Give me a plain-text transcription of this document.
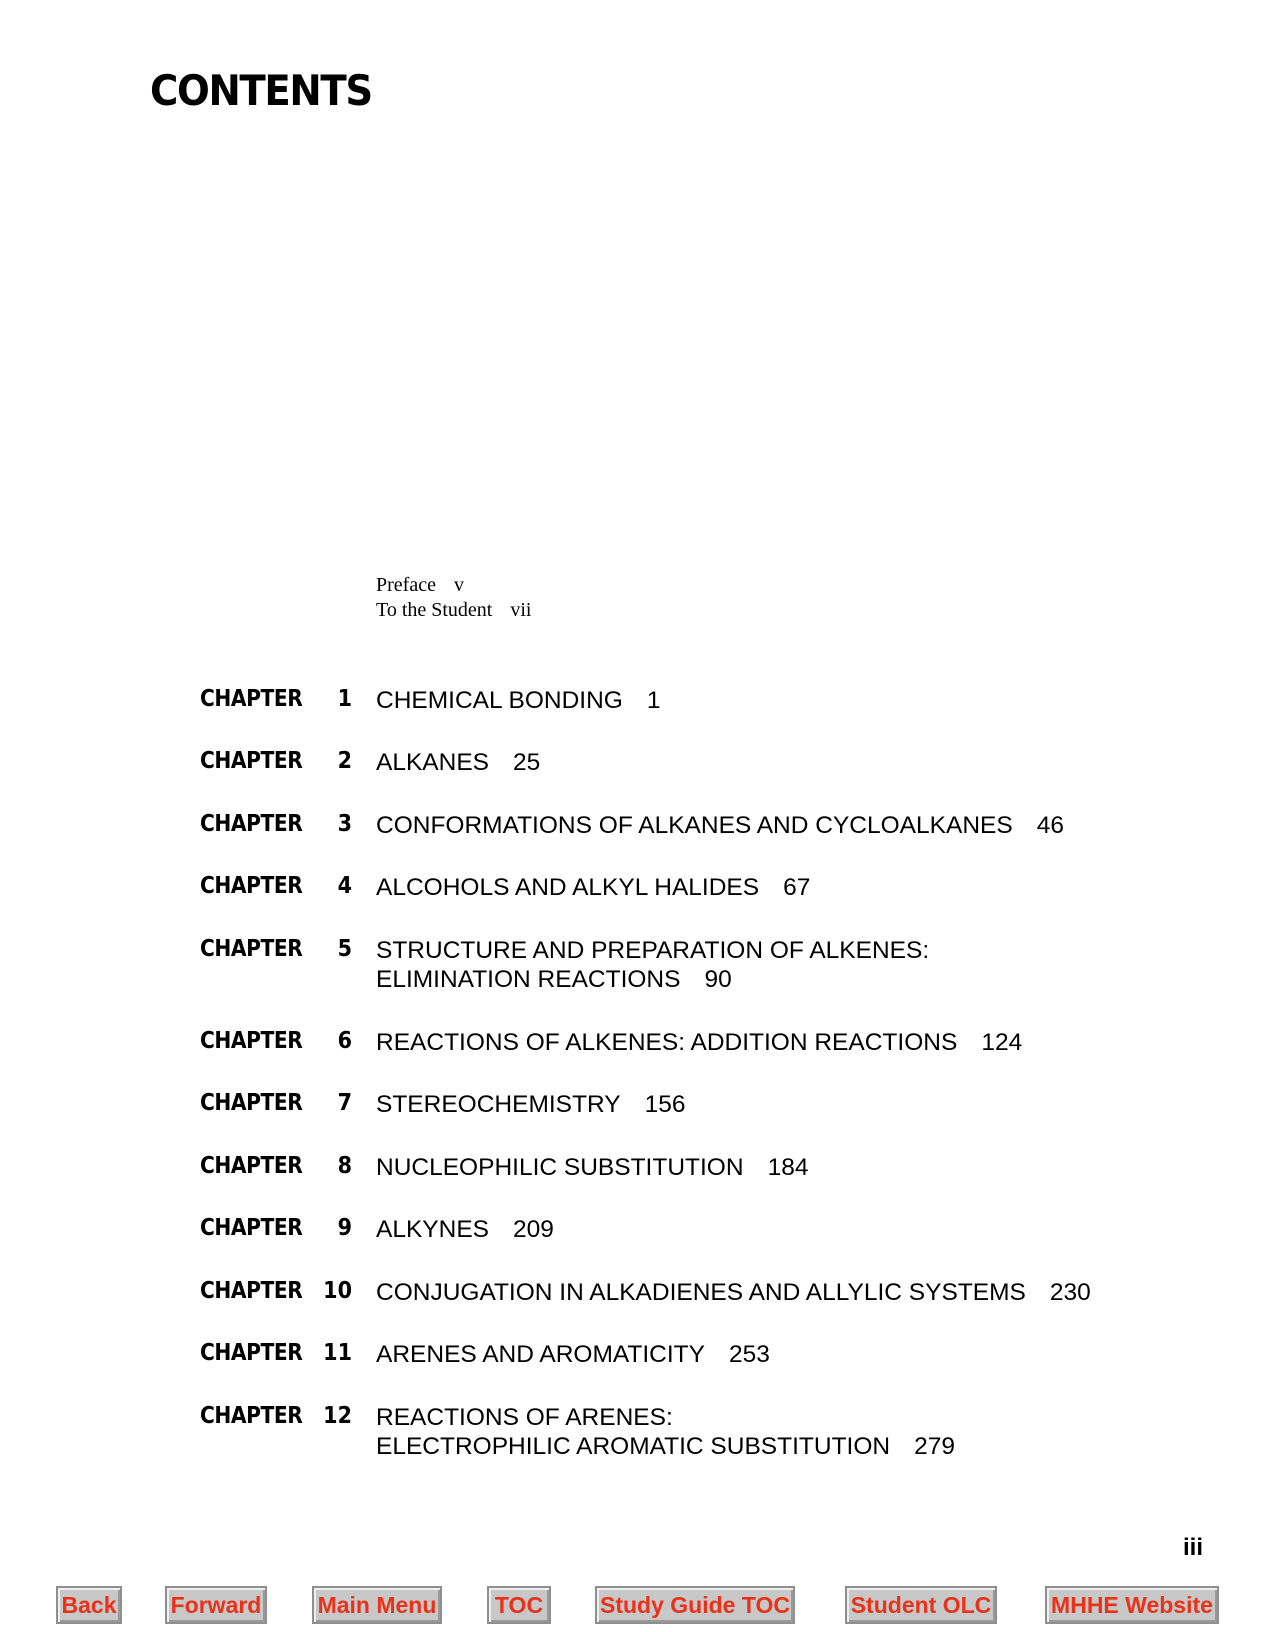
CONTENTS
Preface v
To the Student vii
CHAPTER	1 CHEMICAL BONDING 1
CHAPTER	2 ALKANES 25
CHAPTER	3 CONFORMATIONS OF ALKANES AND CYCLOALKANES 46
CHAPTER	4 ALCOHOLS AND ALKYL HALIDES 67
CHAPTER	5 STRUCTURE AND PREPARATION OF ALKENES:
ELIMINATION REACTIONS 90
CHAPTER	6 REACTIONS OF ALKENES: ADDITION REACTIONS 124
CHAPTER	7 STEREOCHEMISTRY 156
CHAPTER	8 NUCLEOPHILIC SUBSTITUTION 184
CHAPTER	9 ALKYNES 209
CHAPTER 10 CONJUGATION IN ALKADIENES AND ALLYLIC SYSTEMS 230
CHAPTER 11 ARENES AND AROMATICITY 253
CHAPTER 12 REACTIONS OF ARENES:
ELECTROPHILIC AROMATIC SUBSTITUTION 279
iii
Back Forward Main Menu	TOC	Study Guide TOC	Student OLC	MHHE Website
